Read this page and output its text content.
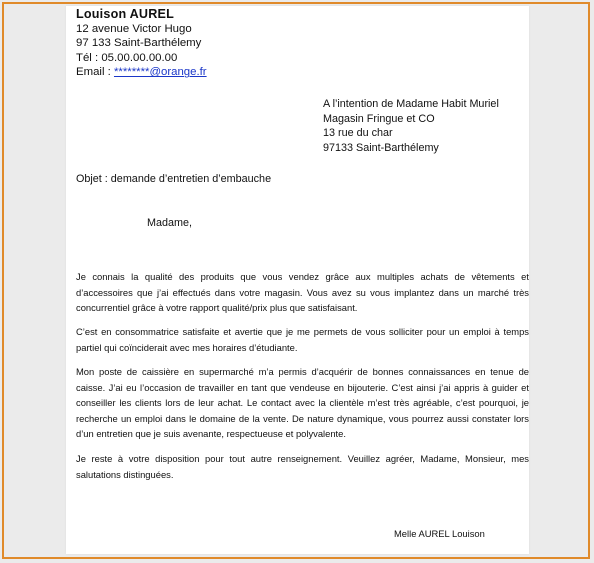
Louison AUREL
12 avenue Victor Hugo
97 133 Saint-Barthélemy
Tél : 05.00.00.00.00
Email : ********@orange.fr
A l’intention de Madame Habit Muriel
Magasin Fringue et CO
13 rue du char
97133 Saint-Barthélemy
Objet : demande d’entretien d’embauche
Madame,
Je connais la qualité des produits que vous vendez grâce aux multiples achats de vêtements et d’accessoires que j’ai effectués dans votre magasin. Vous avez su vous implantez dans un marché très concurrentiel grâce à votre rapport qualité/prix plus que satisfaisant.
C’est en consommatrice satisfaite et avertie que je me permets de vous solliciter pour un emploi à temps partiel qui coïnciderait avec mes horaires d’étudiante.
Mon poste de caissière en supermarché m’a permis d’acquérir de bonnes connaissances en tenue de caisse. J’ai eu l’occasion de travailler en tant que vendeuse en bijouterie. C’est ainsi j’ai appris à guider et conseiller les clients lors de leur achat. Le contact avec la clientèle m’est très agréable, c’est pourquoi, je recherche un emploi dans le domaine de la vente. De nature dynamique, vous pourrez aussi constater lors d’un entretien que je suis avenante, respectueuse et polyvalente.
Je reste à votre disposition pour tout autre renseignement. Veuillez agréer, Madame, Monsieur, mes salutations distinguées.
Melle AUREL Louison
